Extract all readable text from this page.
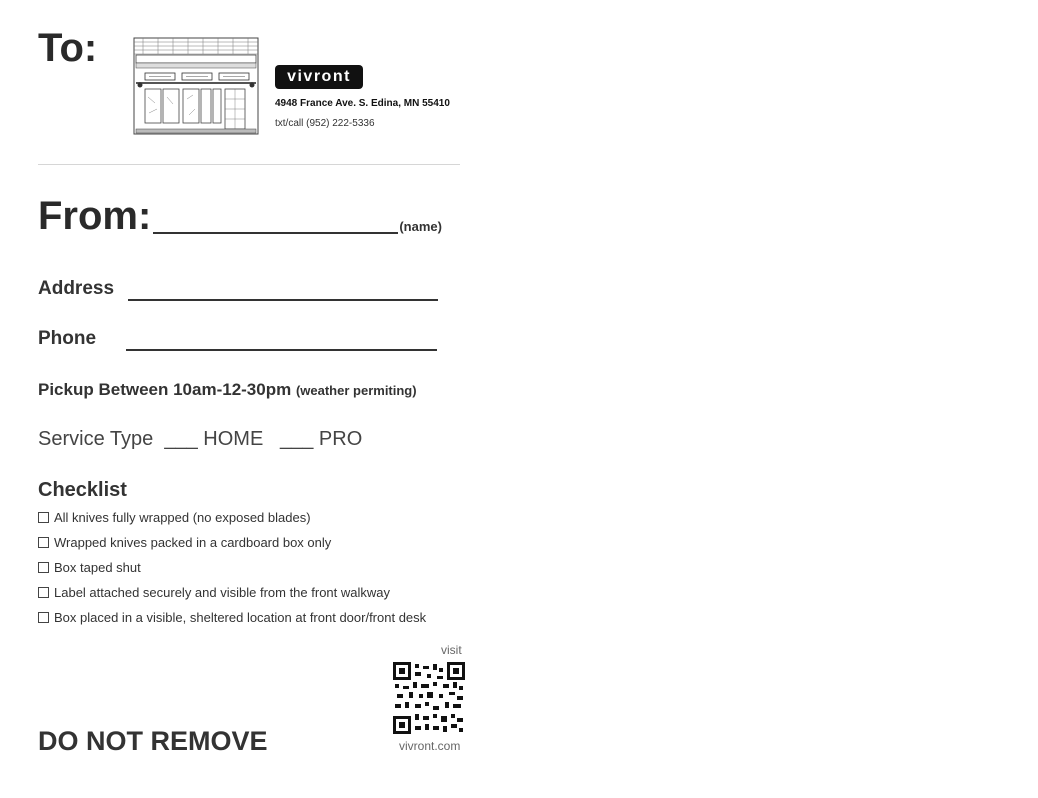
To:
vivront
4948 France Ave. S. Edina, MN 55410
txt/call (952) 222-5336
From:	(name)
Address
Phone
Pickup Between 10am-12-30pm (weather permiting)
Service Type ___ HOME ___ PRO
Checklist
All knives fully wrapped (no exposed blades)
Wrapped knives packed in a cardboard box only
Box taped shut
Label attached securely and visible from the front walkway
Box placed in a visible, sheltered location at front door/front desk
visit
vivront.com
DO NOT REMOVE
